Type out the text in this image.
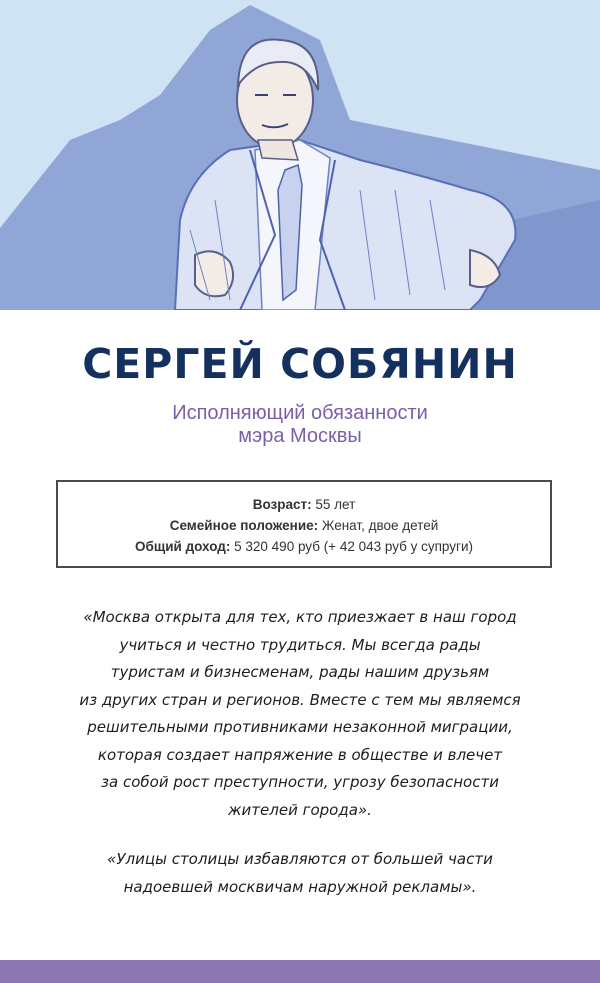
СЕРГЕЙ СОБЯНИН
Исполняющий обязанности
мэра Москвы
Возраст: 55 лет
Семейное положение: Женат, двое детей
Общий доход: 5 320 490 руб (+ 42 043 руб у супруги)
«Москва открыта для тех, кто приезжает в наш город
учиться и честно трудиться. Мы всегда рады
туристам и бизнесменам, рады нашим друзьям
из других стран и регионов. Вместе с тем мы являемся
решительными противниками незаконной миграции,
которая создает напряжение в обществе и влечет
за собой рост преступности, угрозу безопасности
жителей города».
«Улицы столицы избавляются от большей части
надоевшей москвичам наружной рекламы».
